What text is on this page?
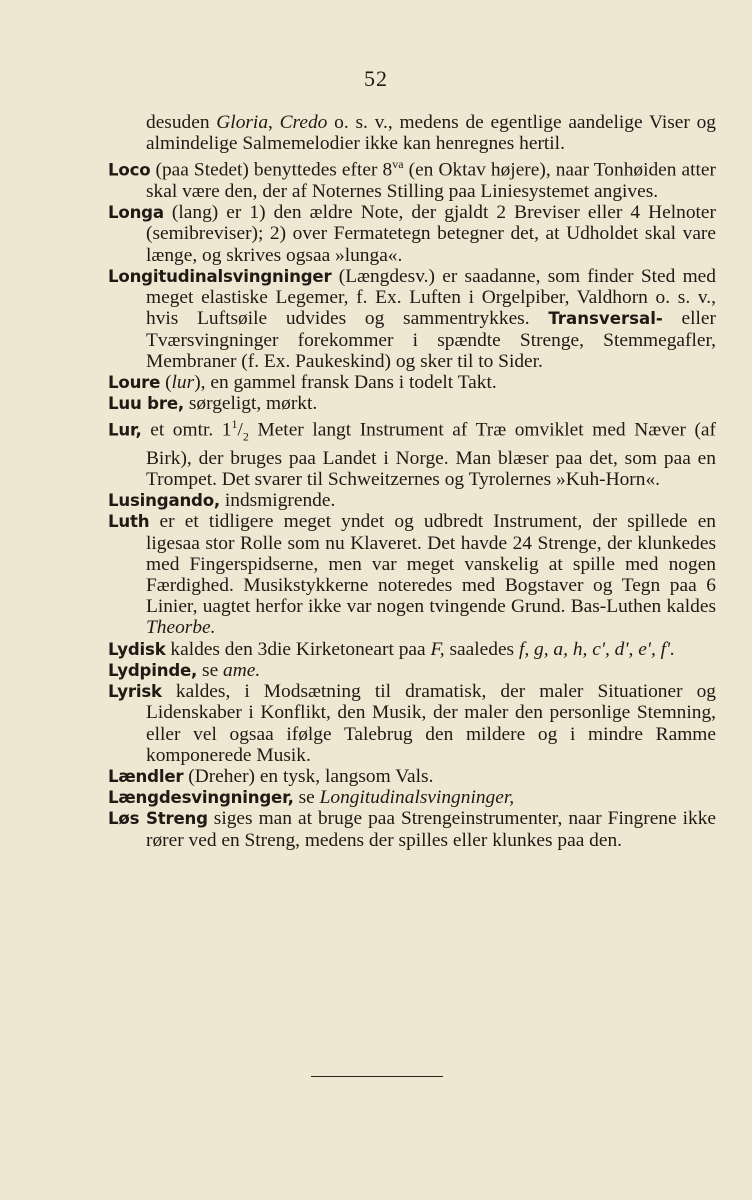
52
desuden Gloria, Credo o. s. v., medens de egentlige aandelige Viser og almindelige Salmemelodier ikke kan henregnes hertil.
Loco (paa Stedet) benyttedes efter $8^{va}$ (en Oktav højere), naar Tonhøiden atter skal være den, der af Noternes Stilling paa Liniesystemet angives.
Longa (lang) er 1) den ældre Note, der gjaldt 2 Breviser eller 4 Helnoter (semibreviser); 2) over Fermatetegn betegner det, at Udholdet skal vare længe, og skrives ogsaa »lunga«.
Longitudinalsvingninger (Længdesv.) er saadanne, som finder Sted med meget elastiske Legemer, f. Ex. Luften i Orgelpiber, Valdhorn o. s. v., hvis Luftsøile udvides og sammentrykkes. Transversal- eller Tværsvingninger forekommer i spændte Strenge, Stemmegafler, Membraner (f. Ex. Paukeskind) og sker til to Sider.
Loure (lur), en gammel fransk Dans i todelt Takt.
Luu bre, sørgeligt, mørkt.
Lur, et omtr. $1^1/_2$ Meter langt Instrument af Træ omviklet med Næver (af Birk), der bruges paa Landet i Norge. Man blæser paa det, som paa en Trompet. Det svarer til Schweitzernes og Tyrolernes »Kuh-Horn«.
Lusingando, indsmigrende.
Luth er et tidligere meget yndet og udbredt Instrument, der spillede en ligesaa stor Rolle som nu Klaveret. Det havde 24 Strenge, der klunkedes med Fingerspidserne, men var meget vanskelig at spille med nogen Færdighed. Musikstykkerne noteredes med Bogstaver og Tegn paa 6 Linier, uagtet herfor ikke var nogen tvingende Grund. Bas-Luthen kaldes Theorbe.
Lydisk kaldes den 3die Kirketoneart paa F, saaledes f, g, a, h, c', d', e', f'.
Lydpinde, se ame.
Lyrisk kaldes, i Modsætning til dramatisk, der maler Situationer og Lidenskaber i Konflikt, den Musik, der maler den personlige Stemning, eller vel ogsaa ifølge Talebrug den mildere og i mindre Ramme komponerede Musik.
Lændler (Dreher) en tysk, langsom Vals.
Længdesvingninger, se Longitudinalsvingninger,
Løs Streng siges man at bruge paa Strengeinstrumenter, naar Fingrene ikke rører ved en Streng, medens der spilles eller klunkes paa den.
